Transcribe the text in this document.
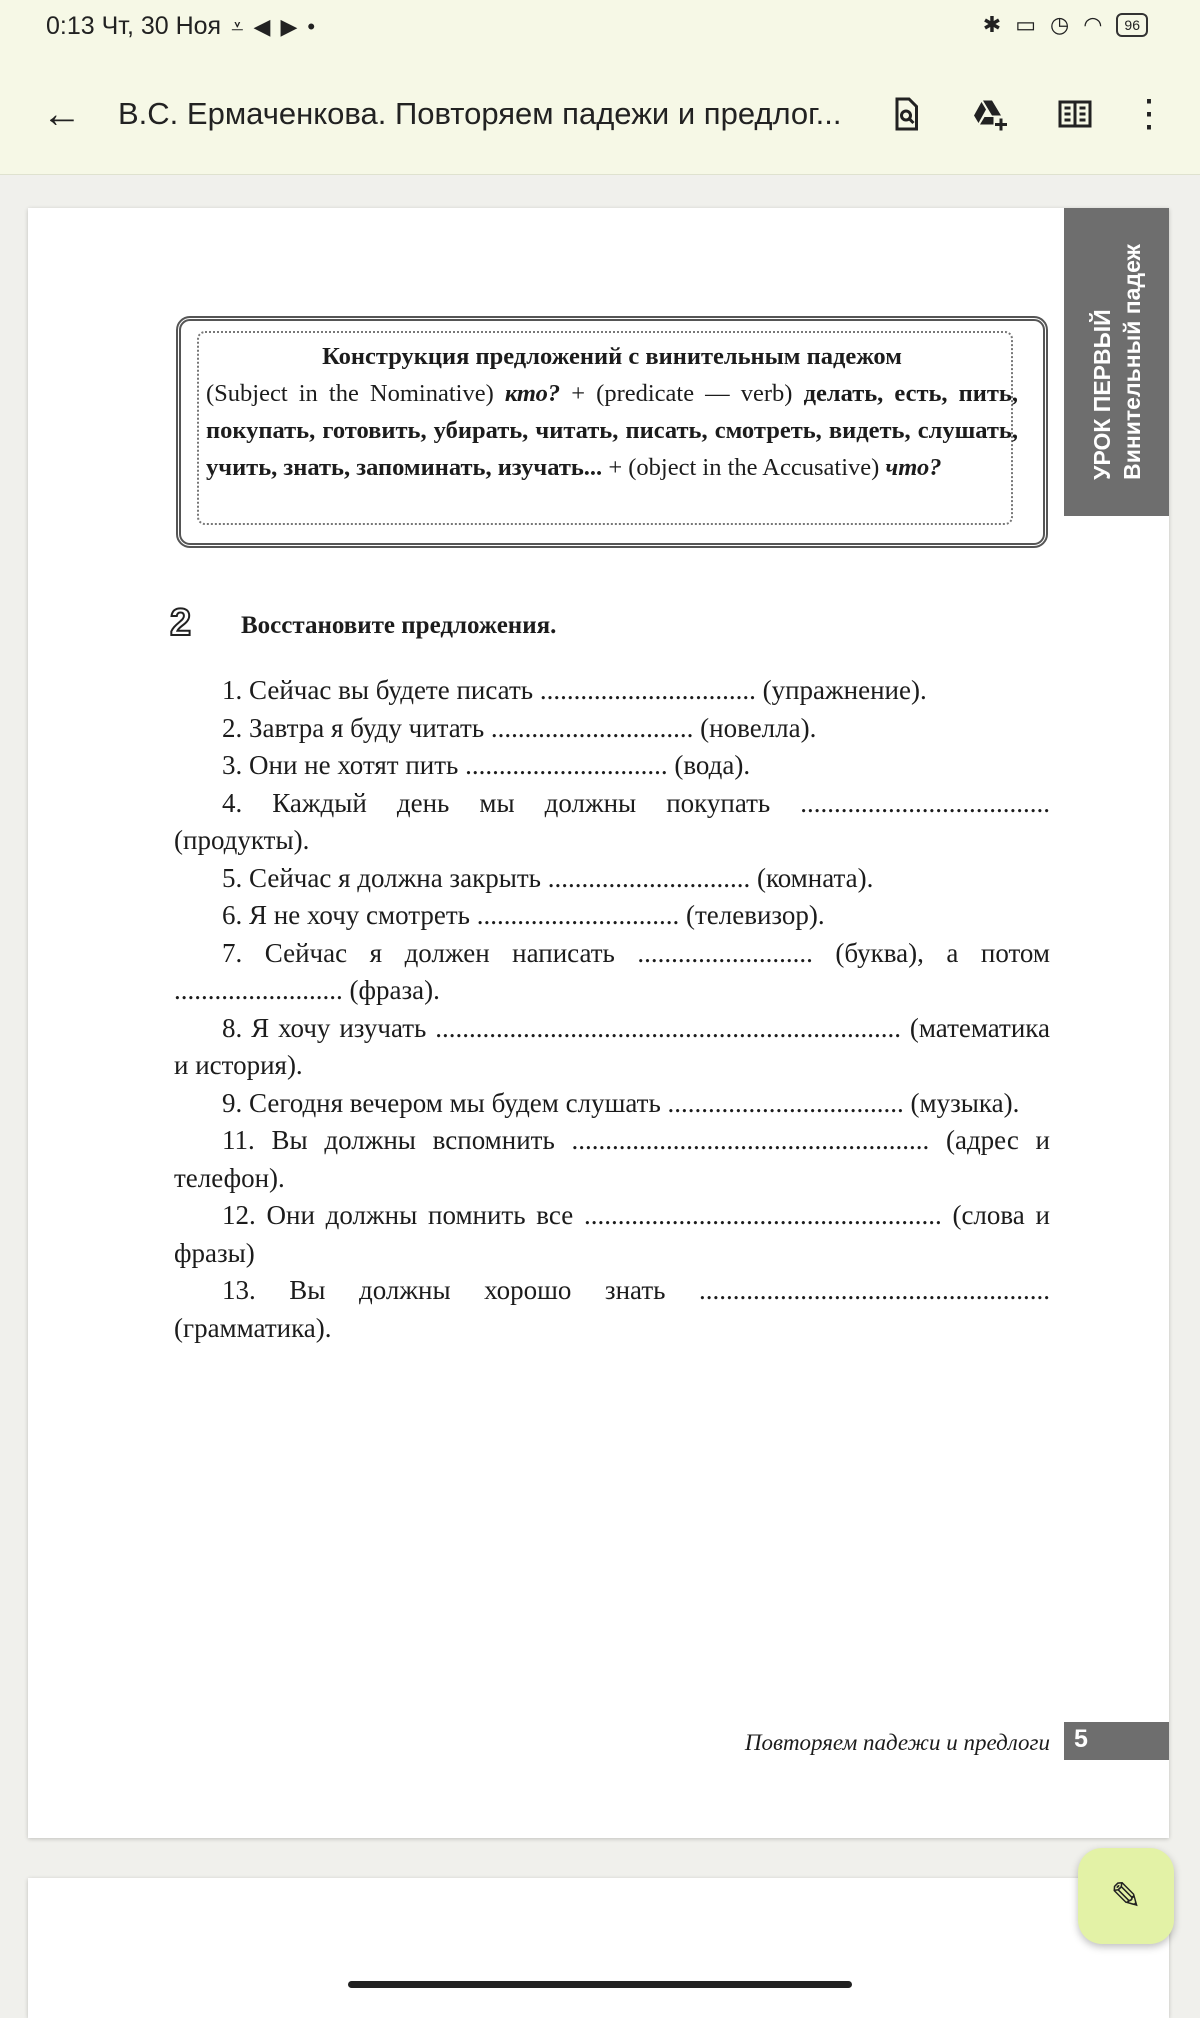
0:13 Чт, 30 Ноя ⩡ ◀ ▶ •	✱ ▭ ◷ ◠	96
← В.С. Ермаченкова. Повторяем падежи и предлог...	⋮
УРОК ПЕРВЫЙ Винительный падеж
Конструкция предложений с винительным падежом
(Subject in the Nominative) кто? + (predicate — verb) делать, есть, пить, покупать, готовить, убирать, читать, писать, смотреть, видеть, слушать, учить, знать, запоминать, изучать... + (object in the Accusative) что?
2 Восстановите предложения.

1. Сейчас вы будете писать ................................ (упражнение).

2. Завтра я буду читать .............................. (новелла).

3. Они не хотят пить .............................. (вода).

4. Каждый день мы должны покупать ..................................... (продукты).

5. Сейчас я должна закрыть .............................. (комната).

6. Я не хочу смотреть .............................. (телевизор).

7. Сейчас я должен написать .......................... (буква), а потом ......................... (фраза).

8. Я хочу изучать ..................................................................... (математика и история).

9. Сегодня вечером мы будем слушать ................................... (музыка).

11. Вы должны вспомнить ..................................................... (адрес и телефон).

12. Они должны помнить все ..................................................... (слова и фразы)

13. Вы должны хорошо знать .................................................... (грамматика).

Повторяем падежи и предлоги 5
✎
